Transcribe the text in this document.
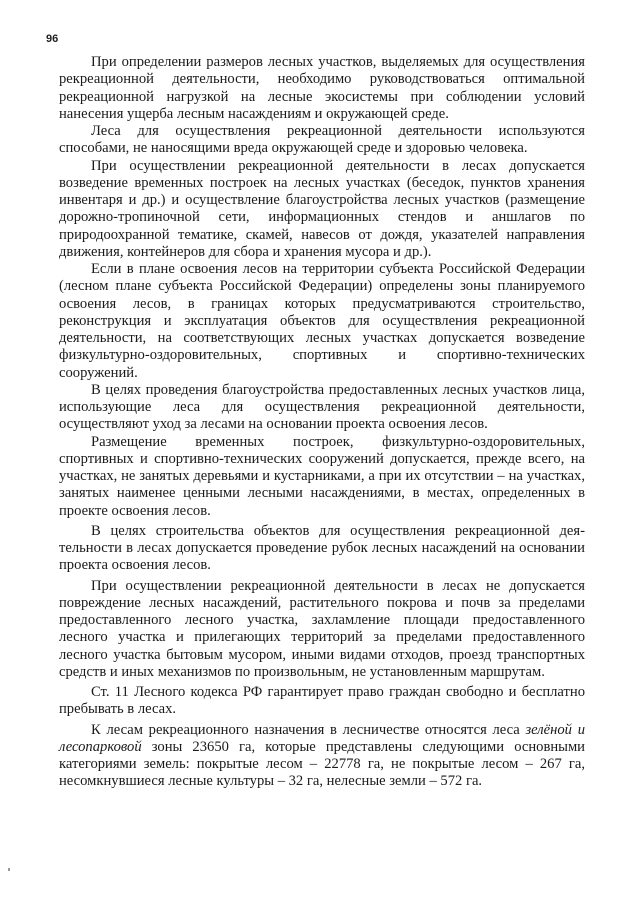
96

При определении размеров лесных участков, выделяемых для осуществления рекреационной деятельности, необходимо руководствоваться оптимальной рекреационной нагрузкой на лесные экосистемы при соблюдении условий нанесения ущерба лесным насаждениям и окружающей среде.

Леса для осуществления рекреационной деятельности используются способами, не наносящими вреда окружающей среде и здоровью человека.

При осуществлении рекреационной деятельности в лесах допускается возведение временных построек на лесных участках (беседок, пунктов хранения инвентаря и др.) и осуществление благоустройства лесных участков (размещение дорожно-тропиночной сети, информационных стендов и аншлагов по природоохранной тематике, скамей, навесов от дождя, указателей направления движения, контейнеров для сбора и хранения мусора и др.).

Если в плане освоения лесов на территории субъекта Российской Федерации (лесном плане субъекта Российской Федерации) определены зоны планируемого освоения лесов, в границах которых предусматриваются строительство, реконструкция и эксплуатация объектов для осуществления рекреационной деятельности, на соответствующих лесных участках допускается возведение физкультурно-оздоровительных, спортивных и спортивно-технических сооружений.

В целях проведения благоустройства предоставленных лесных участков лица, использующие леса для осуществления рекреационной деятельности, осуществляют уход за лесами на основании проекта освоения лесов.

Размещение временных построек, физкультурно-оздоровительных, спортивных и спортивно-технических сооружений допускается, прежде всего, на участках, не занятых деревьями и кустарниками, а при их отсутствии – на участках, занятых наименее ценными лесными насаждениями, в местах, определенных в проекте освоения лесов.

В целях строительства объектов для осуществления рекреационной деятельности в лесах допускается проведение рубок лесных насаждений на основании проекта освоения лесов.

При осуществлении рекреационной деятельности в лесах не допускается повреждение лесных насаждений, растительного покрова и почв за пределами предоставленного лесного участка, захламление площади предоставленного лесного участка и прилегающих территорий за пределами предоставленного лесного участка бытовым мусором, иными видами отходов, проезд транспортных средств и иных механизмов по произвольным, не установленным маршрутам.

Ст. 11 Лесного кодекса РФ гарантирует право граждан свободно и бесплатно пребывать в лесах.

К лесам рекреационного назначения в лесничестве относятся леса зелёной и лесопарковой зоны 23650 га, которые представлены следующими основными категориями земель: покрытые лесом – 22778 га, не покрытые лесом – 267 га, несомкнувшиеся лесные культуры – 32 га, нелесные земли – 572 га.
